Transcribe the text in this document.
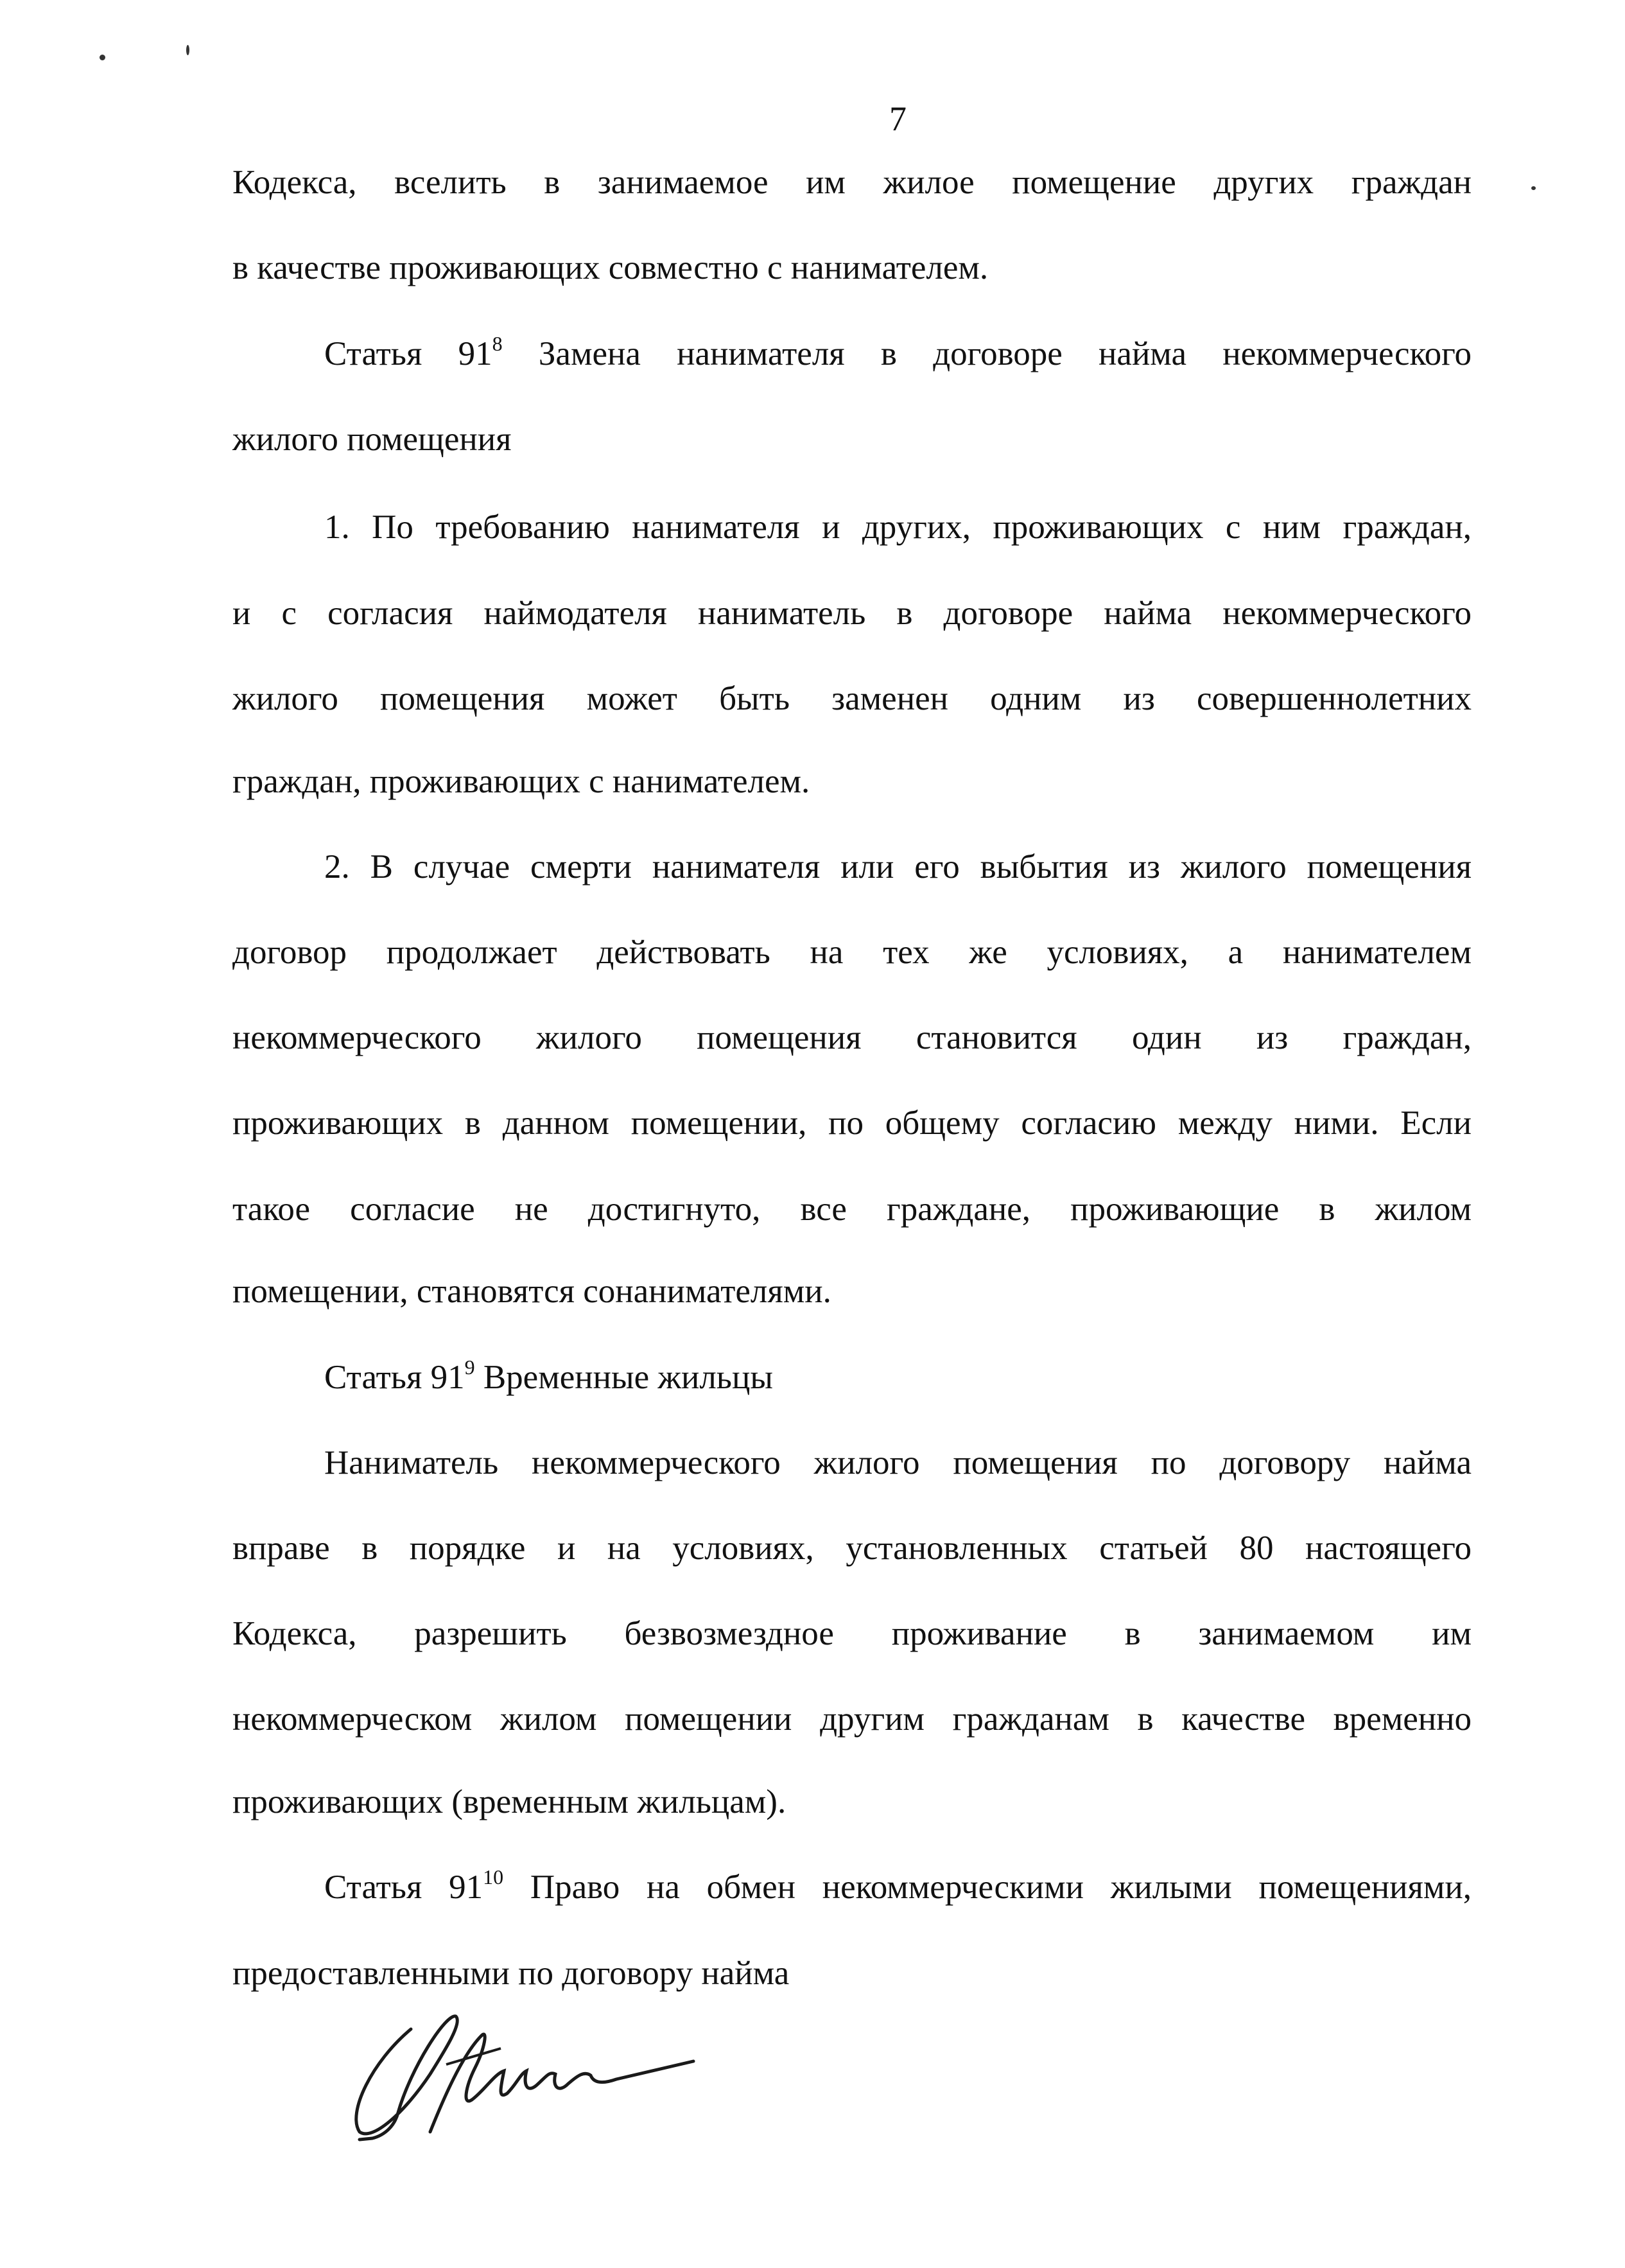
7
Кодекса, вселить в занимаемое им жилое помещение других граждан
в качестве проживающих совместно с нанимателем.
Статья $91^8$ Замена нанимателя в договоре найма некоммерческого
жилого помещения
1. По требованию нанимателя и других, проживающих с ним граждан,
и с согласия наймодателя наниматель в договоре найма некоммерческого
жилого помещения может быть заменен одним из совершеннолетних
граждан, проживающих с нанимателем.
2. В случае смерти нанимателя или его выбытия из жилого помещения
договор продолжает действовать на тех же условиях, а нанимателем
некоммерческого жилого помещения становится один из граждан,
проживающих в данном помещении, по общему согласию между ними. Если
такое согласие не достигнуто, все граждане, проживающие в жилом
помещении, становятся сонанимателями.
Статья $91^9$ Временные жильцы
Наниматель некоммерческого жилого помещения по договору найма
вправе в порядке и на условиях, установленных статьей 80 настоящего
Кодекса, разрешить безвозмездное проживание в занимаемом им
некоммерческом жилом помещении другим гражданам в качестве временно
проживающих (временным жильцам).
Статья $91^{10}$ Право на обмен некоммерческими жилыми помещениями,
предоставленными по договору найма
